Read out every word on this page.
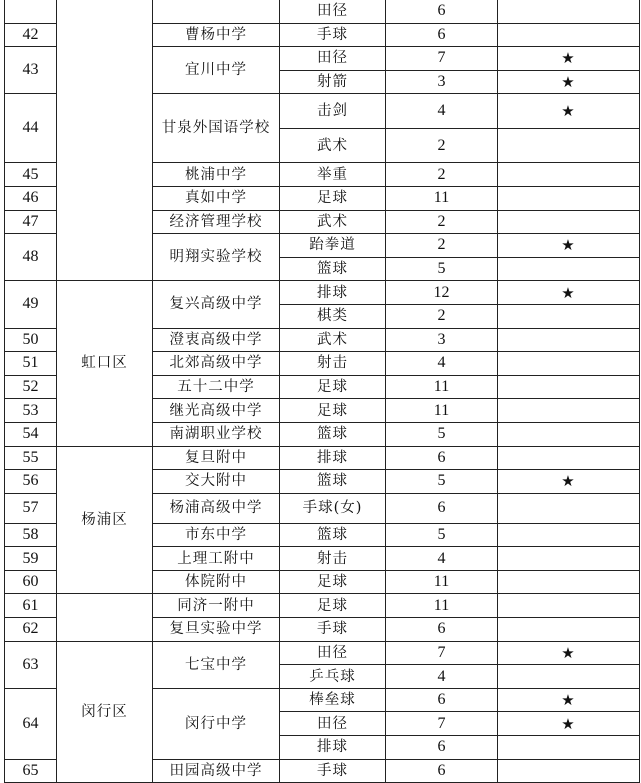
			田径	6	
42		曹杨中学	手球	6	
43		宜川中学	田径	7	★
			射箭	3	★
44		甘泉外国语学校	击剑	4	★
			武术	2	
45		桃浦中学	举重	2	
46		真如中学	足球	11	
47		经济管理学校	武术	2	
48		明翔实验学校	跆拳道	2	★
			篮球	5	
49	虹口区	复兴高级中学	排球	12	★
			棋类	2	
50		澄衷高级中学	武术	3	
51		北郊高级中学	射击	4	
52		五十二中学	足球	11	
53		继光高级中学	足球	11	
54		南湖职业学校	篮球	5	
55	杨浦区	复旦附中	排球	6	
56		交大附中	篮球	5	★
57		杨浦高级中学	手球(女)	6	
58		市东中学	篮球	5	
59		上理工附中	射击	4	
60		体院附中	足球	11	
61		同济一附中	足球	11	
62		复旦实验中学	手球	6	
63	闵行区	七宝中学	田径	7	★
			乒乓球	4	
64		闵行中学	棒垒球	6	★
			田径	7	★
			排球	6	
65		田园高级中学	手球	6	
